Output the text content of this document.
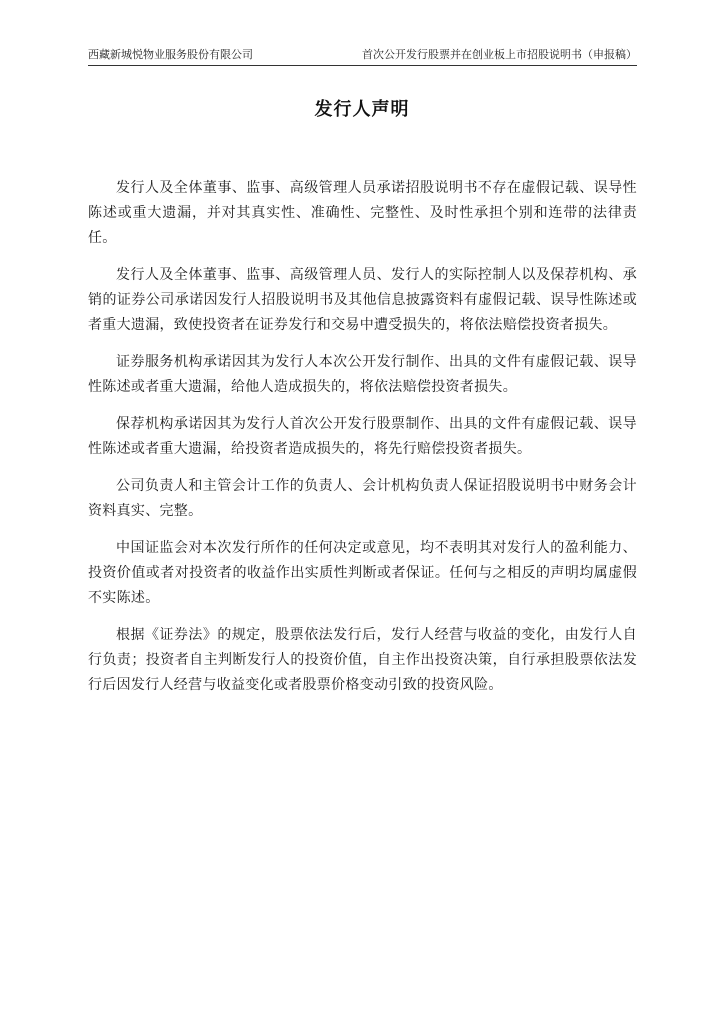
西藏新城悦物业服务股份有限公司	首次公开发行股票并在创业板上市招股说明书（申报稿）
发行人声明

发行人及全体董事、监事、高级管理人员承诺招股说明书不存在虚假记载、误导性陈述或重大遗漏，并对其真实性、准确性、完整性、及时性承担个别和连带的法律责任。

发行人及全体董事、监事、高级管理人员、发行人的实际控制人以及保荐机构、承销的证券公司承诺因发行人招股说明书及其他信息披露资料有虚假记载、误导性陈述或者重大遗漏，致使投资者在证券发行和交易中遭受损失的，将依法赔偿投资者损失。

证券服务机构承诺因其为发行人本次公开发行制作、出具的文件有虚假记载、误导性陈述或者重大遗漏，给他人造成损失的，将依法赔偿投资者损失。

保荐机构承诺因其为发行人首次公开发行股票制作、出具的文件有虚假记载、误导性陈述或者重大遗漏，给投资者造成损失的，将先行赔偿投资者损失。

公司负责人和主管会计工作的负责人、会计机构负责人保证招股说明书中财务会计资料真实、完整。

中国证监会对本次发行所作的任何决定或意见，均不表明其对发行人的盈利能力、投资价值或者对投资者的收益作出实质性判断或者保证。任何与之相反的声明均属虚假不实陈述。

根据《证券法》的规定，股票依法发行后，发行人经营与收益的变化，由发行人自行负责；投资者自主判断发行人的投资价值，自主作出投资决策，自行承担股票依法发行后因发行人经营与收益变化或者股票价格变动引致的投资风险。
